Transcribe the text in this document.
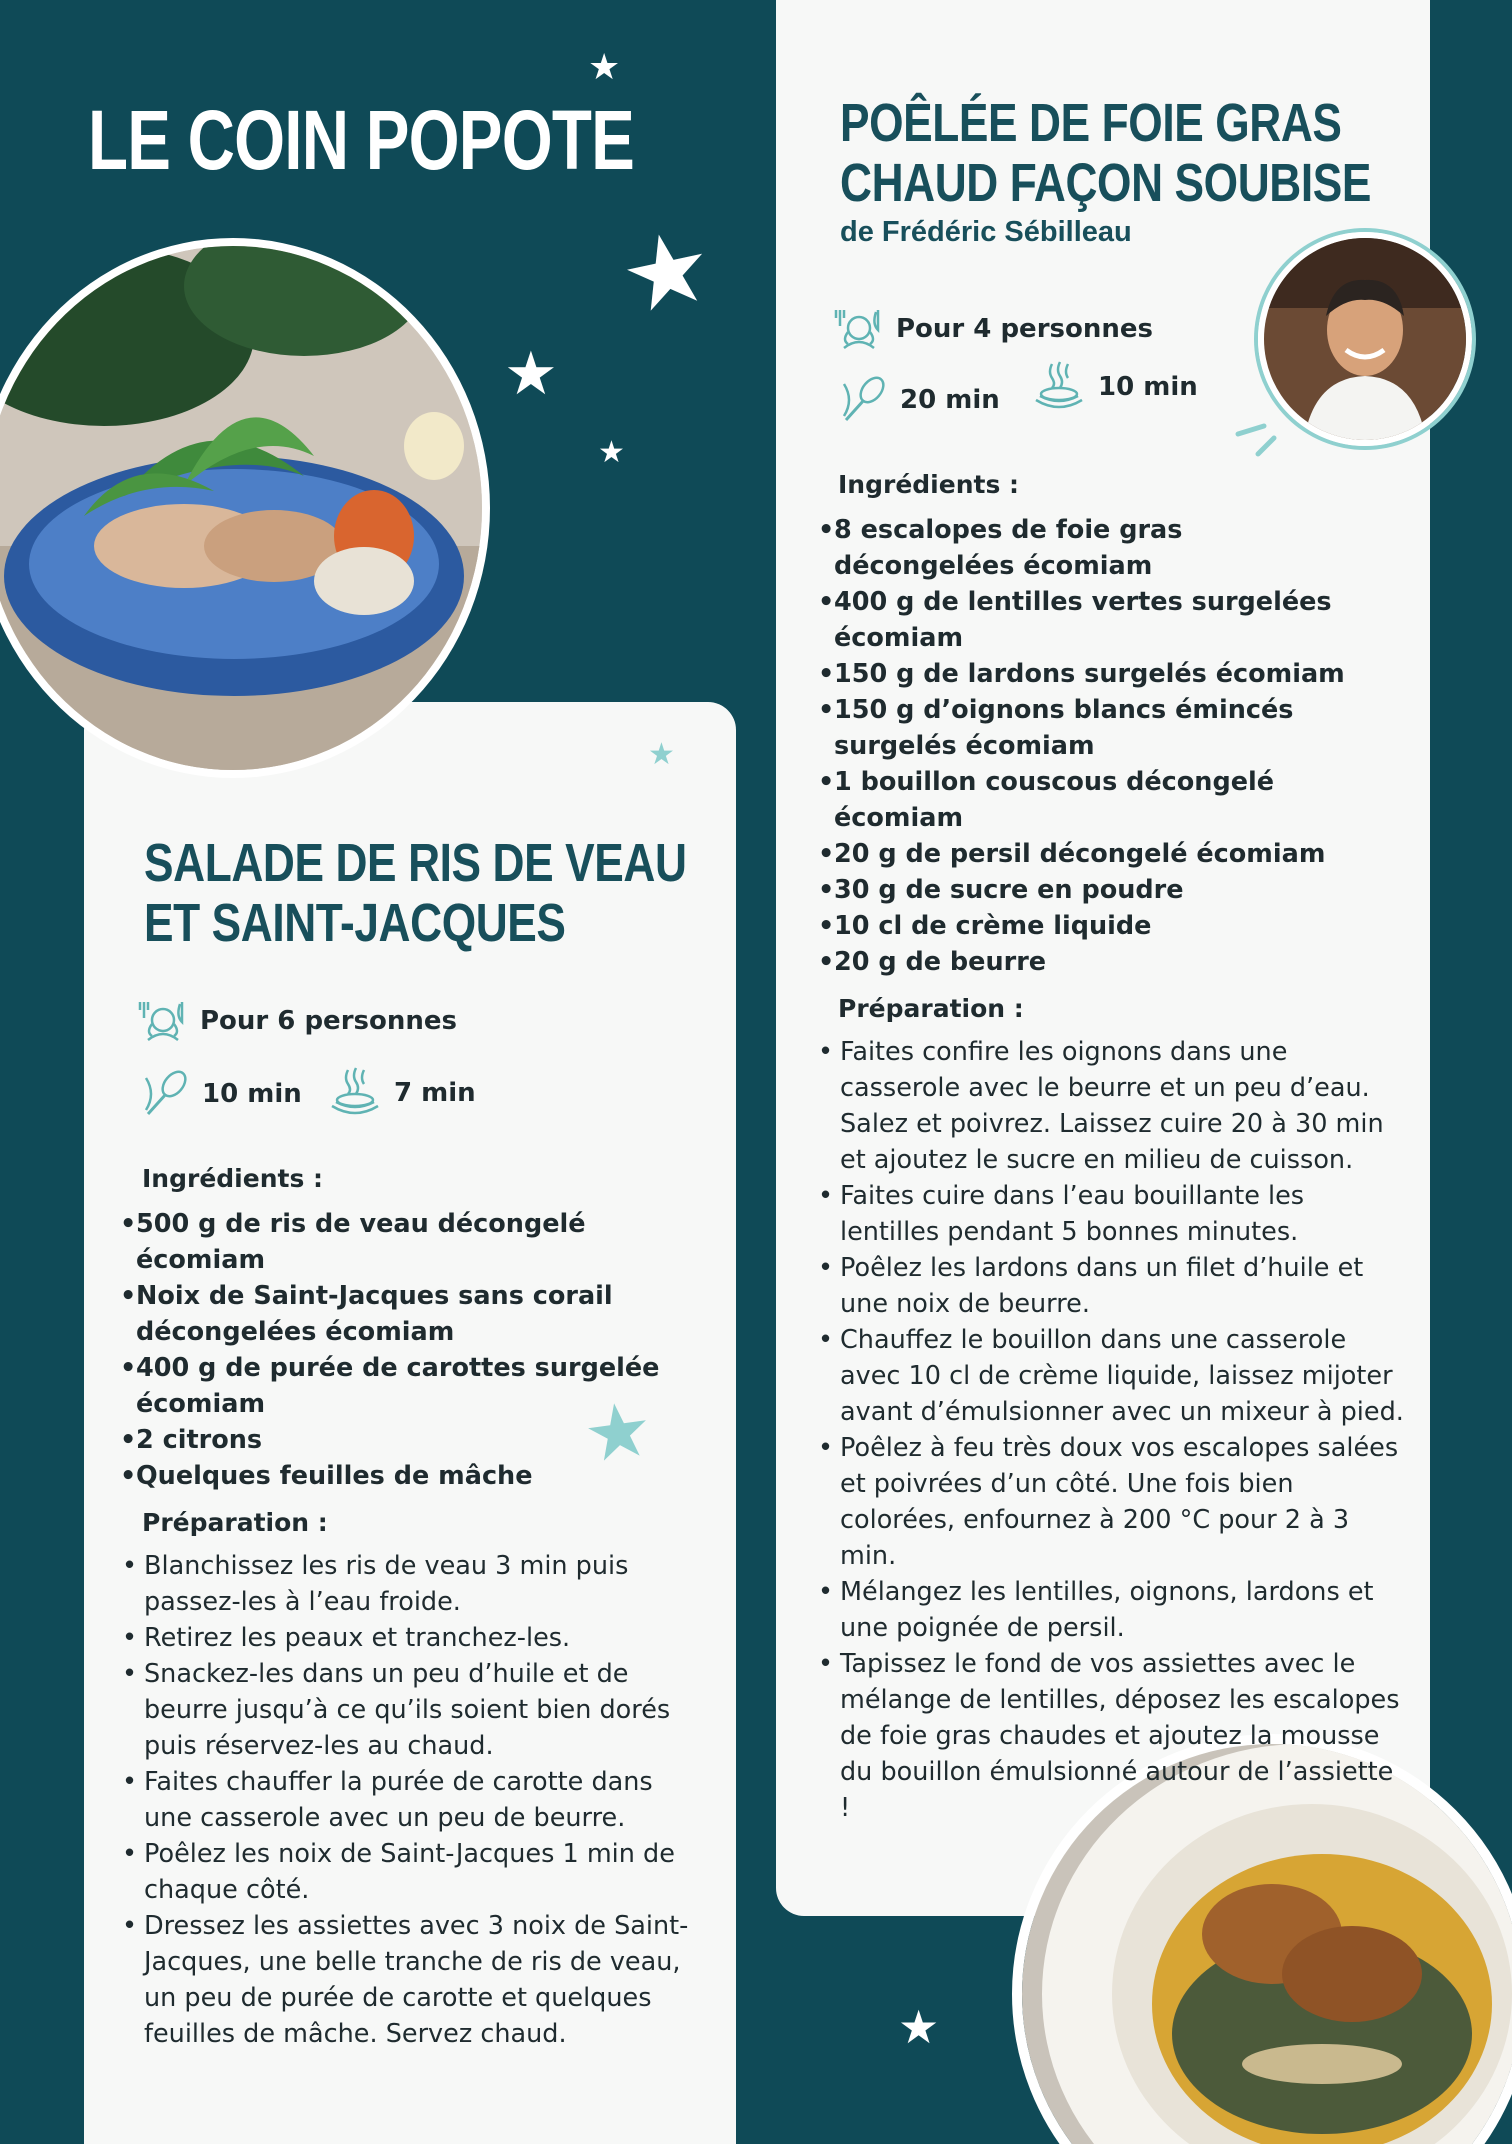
LE COIN POPOTE
★
★
★
★
★
★
★
SALADE DE RIS DE VEAU
ET SAINT-JACQUES
Pour 6 personnes
10 min	7 min
Ingrédients :
• 500 g de ris de veau décongelé écomiam
• Noix de Saint-Jacques sans corail décongelées écomiam
• 400 g de purée de carottes surgelée écomiam
• 2 citrons
• Quelques feuilles de mâche
Préparation :
• Blanchissez les ris de veau 3 min puis passez-les à l’eau froide.
• Retirez les peaux et tranchez-les.
• Snackez-les dans un peu d’huile et de beurre jusqu’à ce qu’ils soient bien dorés puis réservez-les au chaud.
• Faites chauffer la purée de carotte dans une casserole avec un peu de beurre.
• Poêlez les noix de Saint-Jacques 1 min de chaque côté.
• Dressez les assiettes avec 3 noix de Saint-Jacques, une belle tranche de ris de veau, un peu de purée de carotte et quelques feuilles de mâche. Servez chaud.
POÊLÉE DE FOIE GRAS
CHAUD FAÇON SOUBISE
de Frédéric Sébilleau
Pour 4 personnes
20 min	10 min
Ingrédients :
• 8 escalopes de foie gras décongelées écomiam
• 400 g de lentilles vertes surgelées écomiam
• 150 g de lardons surgelés écomiam
• 150 g d’oignons blancs émincés surgelés écomiam
• 1 bouillon couscous décongelé écomiam
• 20 g de persil décongelé écomiam
• 30 g de sucre en poudre
• 10 cl de crème liquide
• 20 g de beurre
Préparation :
• Faites confire les oignons dans une casserole avec le beurre et un peu d’eau. Salez et poivrez. Laissez cuire 20 à 30 min et ajoutez le sucre en milieu de cuisson.
• Faites cuire dans l’eau bouillante les lentilles pendant 5 bonnes minutes.
• Poêlez les lardons dans un filet d’huile et une noix de beurre.
• Chauffez le bouillon dans une casserole avec 10 cl de crème liquide, laissez mijoter avant d’émulsionner avec un mixeur à pied.
• Poêlez à feu très doux vos escalopes salées et poivrées d’un côté. Une fois bien colorées, enfournez à 200 °C pour 2 à 3 min.
• Mélangez les lentilles, oignons, lardons et une poignée de persil.
• Tapissez le fond de vos assiettes avec le mélange de lentilles, déposez les escalopes de foie gras chaudes et ajoutez la mousse du bouillon émulsionné autour de l’assiette !
